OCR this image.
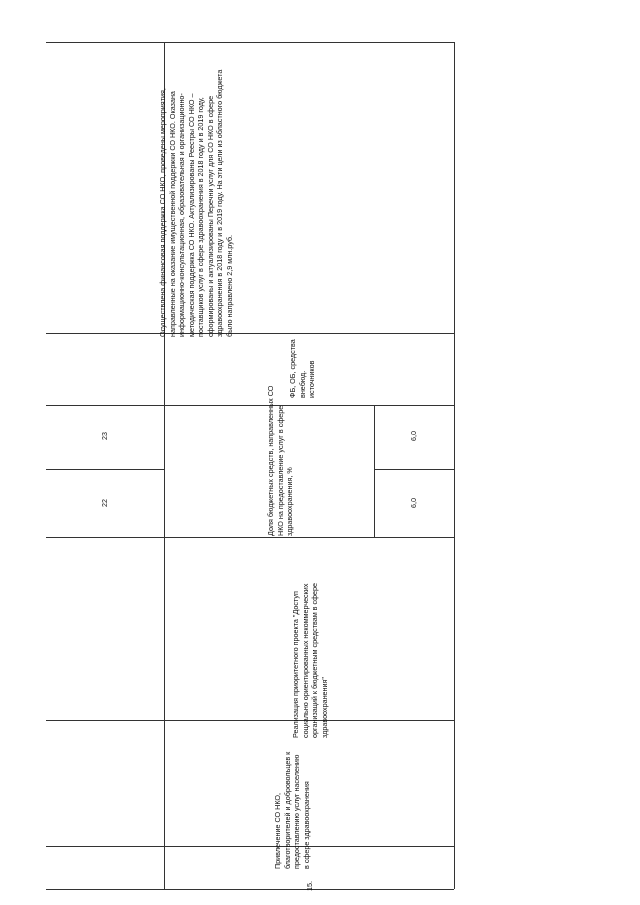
23
22
15.
Привлечение СО НКО, благотворителей и добровольцев к предоставлению услуг населению в сфере здравоохранения
Реализация приоритетного проекта "Доступ социально ориентированных некоммерческих организаций к бюджетным средствам в сфере здравоохранения"
Доля бюджетных средств, направленных СО НКО на предоставление услуг в сфере здравоохранения, %
6,0
6,0
ФБ, ОБ, средства внебюд. источников
Осуществлена финансовая поддержка СО НКО, проведены мероприятия, направленные на оказание имущественной поддержки СО НКО. Оказана информационно-консультационная, образовательная и организационно-методическая поддержка СО НКО. Актуализированы Реестры СО НКО – поставщиков услуг в сфере здравоохранения в 2018 году и в 2019 году, сформированы и актуализированы Перечни услуг для СО НКО в сфере здравоохранения в 2018 году и в 2019 году. На эти цели из областного бюджета было направлено 2,9 млн.руб.
